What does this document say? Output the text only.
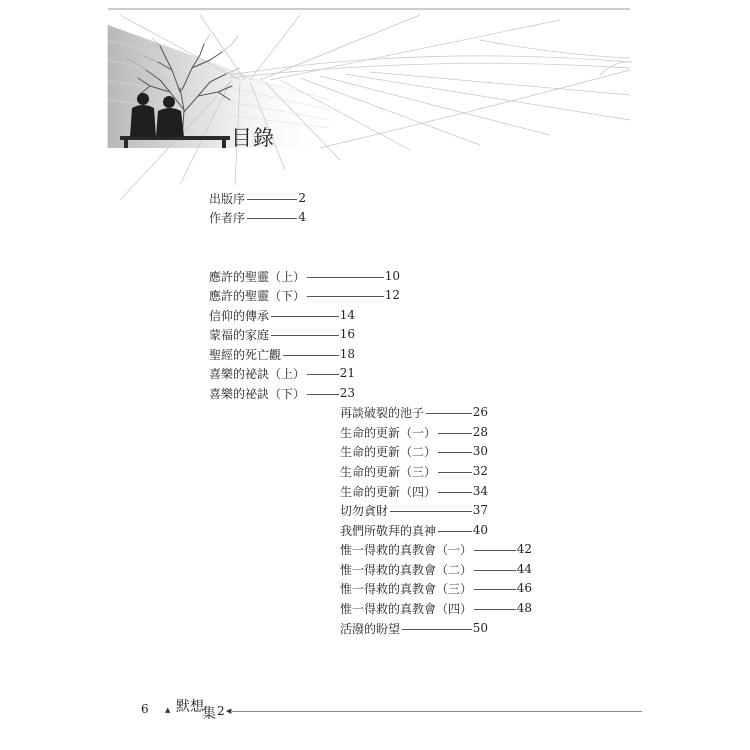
目錄
出版序	2
作者序	4
應許的聖靈（上）	10
應許的聖靈（下）	12
信仰的傳承	14
蒙福的家庭	16
聖經的死亡觀	18
喜樂的祕訣（上）	21
喜樂的祕訣（下）	23
再談破裂的池子	26
生命的更新（一）	28
生命的更新（二）	30
生命的更新（三）	32
生命的更新（四）	34
切勿貪財	37
我們所敬拜的真神	40
惟一得救的真教會（一）	42
惟一得救的真教會（二）	44
惟一得救的真教會（三）	46
惟一得救的真教會（四）	48
活潑的盼望	50
6 ▲ 默想
集 2 ◀
